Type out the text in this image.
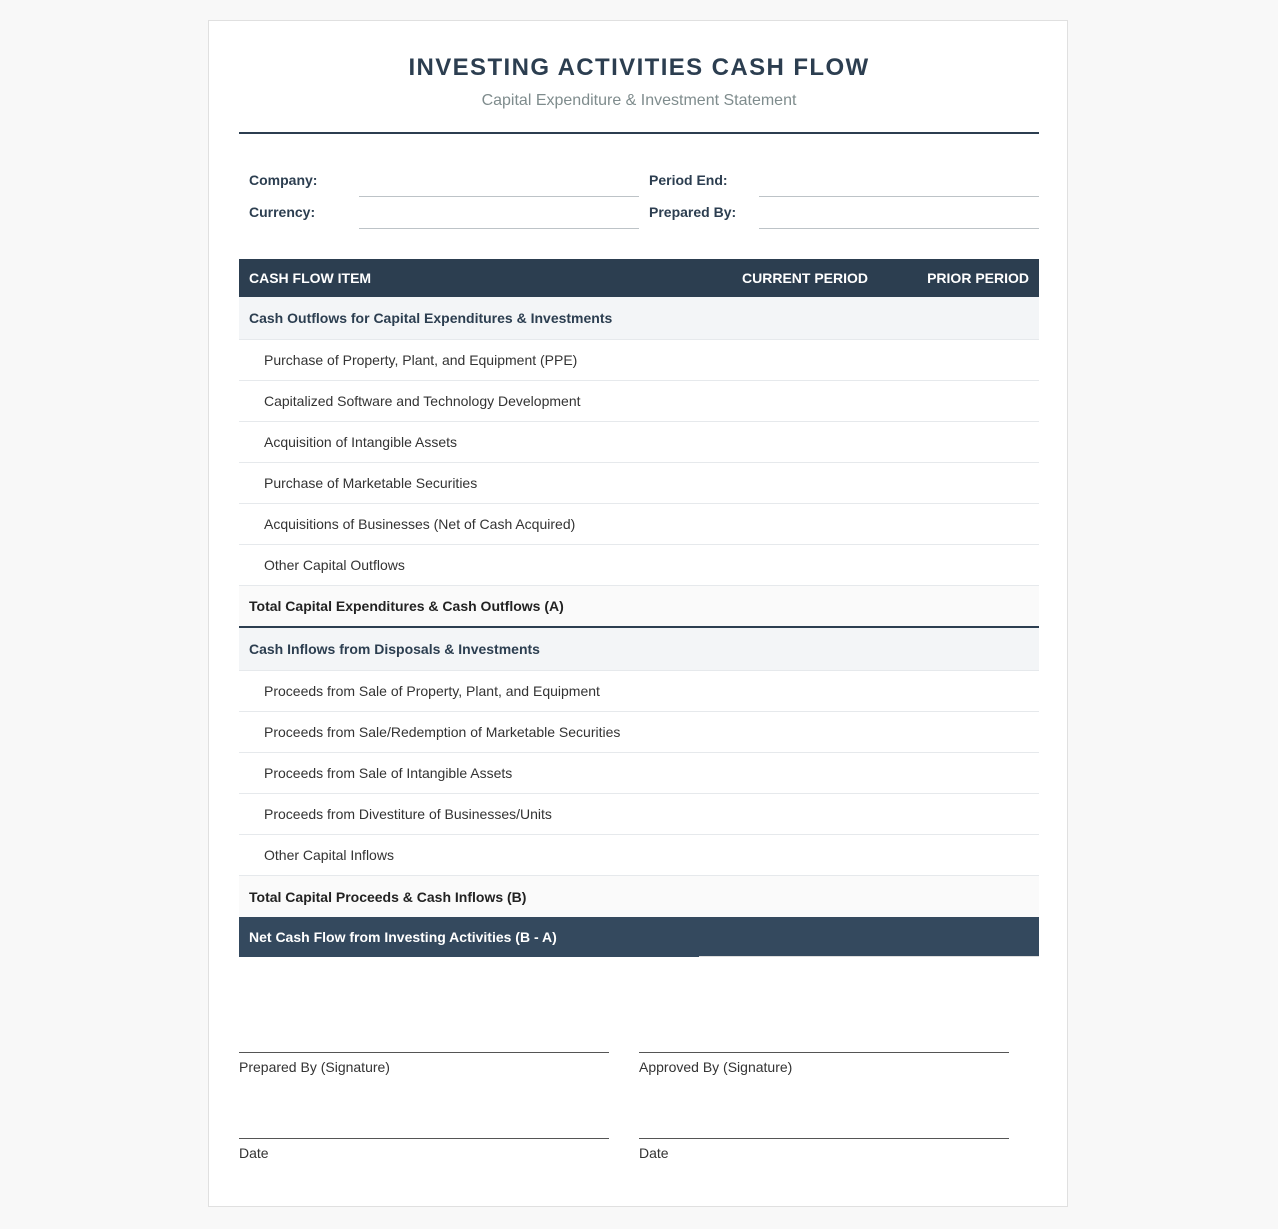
INVESTING ACTIVITIES CASH FLOW
Capital Expenditure & Investment Statement
Company:	Period End:
Currency:	Prepared By:
CASH FLOW ITEM	CURRENT PERIOD	PRIOR PERIOD
Cash Outflows for Capital Expenditures & Investments
Purchase of Property, Plant, and Equipment (PPE)
Capitalized Software and Technology Development
Acquisition of Intangible Assets
Purchase of Marketable Securities
Acquisitions of Businesses (Net of Cash Acquired)
Other Capital Outflows
Total Capital Expenditures & Cash Outflows (A)
Cash Inflows from Disposals & Investments
Proceeds from Sale of Property, Plant, and Equipment
Proceeds from Sale/Redemption of Marketable Securities
Proceeds from Sale of Intangible Assets
Proceeds from Divestiture of Businesses/Units
Other Capital Inflows
Total Capital Proceeds & Cash Inflows (B)
Net Cash Flow from Investing Activities (B - A)
Prepared By (Signature)	Approved By (Signature)
Date	Date
